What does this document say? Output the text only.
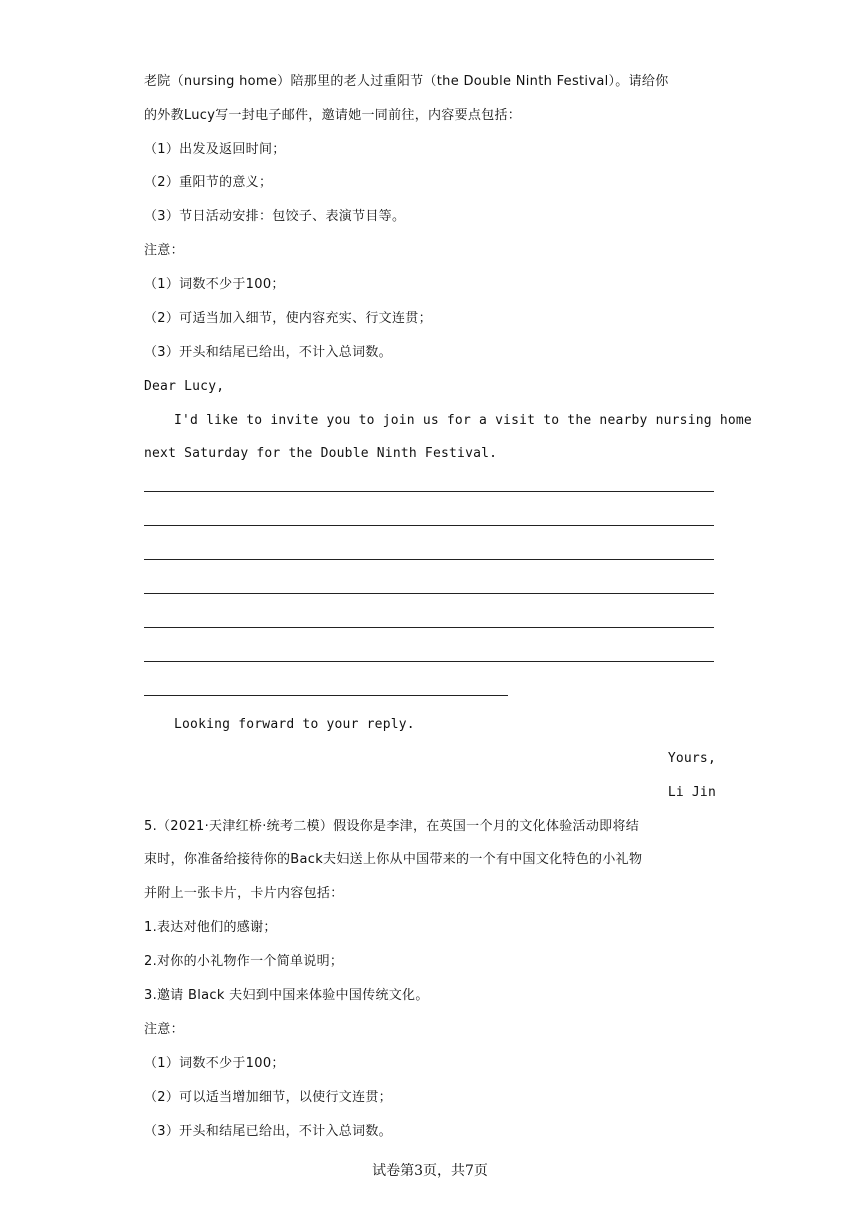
老院（nursing home）陪那里的老人过重阳节（the Double Ninth Festival）。请给你
的外教Lucy写一封电子邮件，邀请她一同前往，内容要点包括：
（1）出发及返回时间；
（2）重阳节的意义；
（3）节日活动安排：包饺子、表演节目等。
注意：
（1）词数不少于100；
（2）可适当加入细节，使内容充实、行文连贯；
（3）开头和结尾已给出，不计入总词数。
Dear Lucy,
I'd like to invite you to join us for a visit to the nearby nursing home
next Saturday for the Double Ninth Festival.
Looking forward to your reply.
Yours,
Li Jin
5.（2021·天津红桥·统考二模）假设你是李津，在英国一个月的文化体验活动即将结
束时，你准备给接待你的Back夫妇送上你从中国带来的一个有中国文化特色的小礼物
并附上一张卡片，卡片内容包括：
1.表达对他们的感谢；
2.对你的小礼物作一个简单说明；
3.邀请 Black 夫妇到中国来体验中国传统文化。
注意：
（1）词数不少于100；
（2）可以适当增加细节，以使行文连贯；
（3）开头和结尾已给出，不计入总词数。
试卷第3页，共7页
